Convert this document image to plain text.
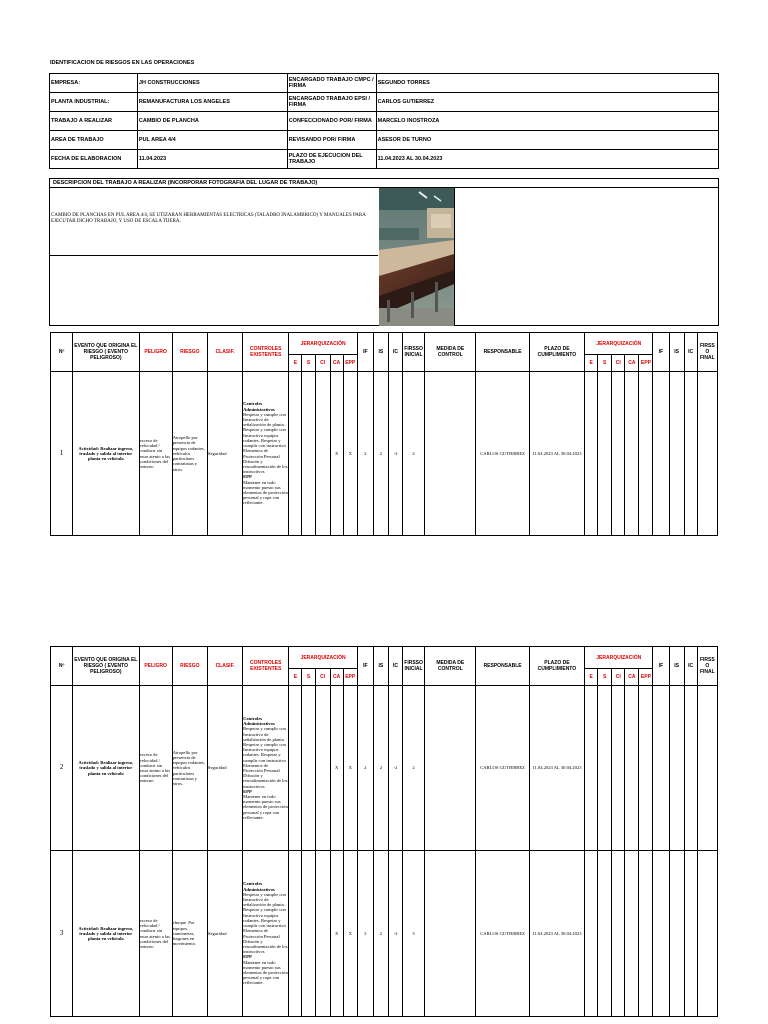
IDENTIFICACION DE RIESGOS EN LAS OPERACIONES
EMPRESA:	JH CONSTRUCCIONES	ENCARGADO TRABAJO CMPC / FIRMA	SEGUNDO TORRES
PLANTA INDUSTRIAL:	REMANUFACTURA LOS ANGELES	ENCARGADO TRABAJO EPSI / FIRMA	CARLOS GUTIERREZ
TRABAJO A REALIZAR	CAMBIO DE PLANCHA	CONFECCIONADO POR/ FIRMA	MARCELO INOSTROZA
AREA DE TRABAJO	PUL AREA 4/4	REVISANDO POR/ FIRMA	ASESOR DE TURNO
FECHA DE ELABORACION	11.04.2023	PLAZO DE EJECUCION DEL TRABAJO	11.04.2023 AL 30.04.2023
DESCRIPCION DEL TRABAJO A REALIZAR (INCORPORAR FOTOGRAFIA DEL LUGAR DE TRABAJO)
CAMBIO DE PLANCHAS EN PUL AREA 4/4, SE UTIZARAN HERRAMIENTAS ELECTRICAS (TALADRO INALAMBRICO) Y MANUALES PARA EJECUTAR DICHO TRABAJO, Y USO DE ESCALA TIJERA.
Nº	EVENTO QUE ORIGINA EL RIESGO ( EVENTO PELIGROSO)	PELIGRO	RIESGO	CLASIF.	CONTROLES EXISTENTES	JERARQUIZACIÓN					IF	IS	IC	FIRSSO INICIAL	MEDIDA DE CONTROL	RESPONSABLE	PLAZO DE CUMPLIMIENTO	JERARQUIZACIÓN					IF	IS	IC	FIRSS O FINAL
						E	S	CI	CA	EPP								E	S	CI	CA	EPP				
1	Actividad: Realizar ingreso, traslado y salida al interior planta en vehículo	exceso de velocidad / conducir sin estar atento a las condiciones del entorno	Atropello por presencia de equipos rodantes, vehículos particulares contratistas y otros.	Seguridad	Controles Administrativos
Respetar y cumplir con Instructivo de señalización de planta. Respetar y cumplir con Instructivo equipos rodantes. Respetar y cumplir con instructivo Elementos de Protección Personal Difusión y retroalimentación de los instructivos
EPP
Mantener en todo momento puesto sus elementos de protección personal y ropa con reflectante.				X	X	2	2	-2	2		CARLOS GUTIERREZ	11.04.2023 AL 30.04.2023									
Nº	EVENTO QUE ORIGINA EL RIESGO ( EVENTO PELIGROSO)	PELIGRO	RIESGO	CLASIF.	CONTROLES EXISTENTES	JERARQUIZACIÓN					IF	IS	IC	FIRSSO INICIAL	MEDIDA DE CONTROL	RESPONSABLE	PLAZO DE CUMPLIMIENTO	JERARQUIZACIÓN					IF	IS	IC	FIRSS O FINAL
						E	S	CI	CA	EPP								E	S	CI	CA	EPP				
2	Actividad: Realizar ingreso, traslado y salida al interior planta en vehículo	exceso de velocidad / conducir sin estar atento a las condiciones del entorno	Atropello por presencia de equipos rodantes, vehículos particulares contratistas y otros.	Seguridad	Controles Administrativos
Respetar y cumplir con Instructivo de señalización de planta. Respetar y cumplir con Instructivo equipos rodantes. Respetar y cumplir con instructivo Elementos de Protección Personal Difusión y retroalimentación de los instructivos
EPP
Mantener en todo momento puesto sus elementos de protección personal y ropa con reflectante.				X	X	2	2	-2	2		CARLOS GUTIERREZ	11.04.2023 AL 30.04.2023									
3	Actividad: Realizar ingreso, traslado y salida al interior planta en vehículo	exceso de velocidad / conducir sin estar atento a las condiciones del entorno	choque. Por equipos, camionetas, furgones en movimiento.	Seguridad	Controles Administrativos
Respetar y cumplir con Instructivo de señalización de planta. Respetar y cumplir con Instructivo equipos rodantes. Respetar y cumplir con instructivo Elementos de Protección Personal Difusión y retroalimentación de los instructivos
EPP
Mantener en todo momento puesto sus elementos de protección personal y ropa con reflectante.				X	X	3	2	-2	3		CARLOS GUTIERREZ	11.04.2023 AL 30.04.2023									
